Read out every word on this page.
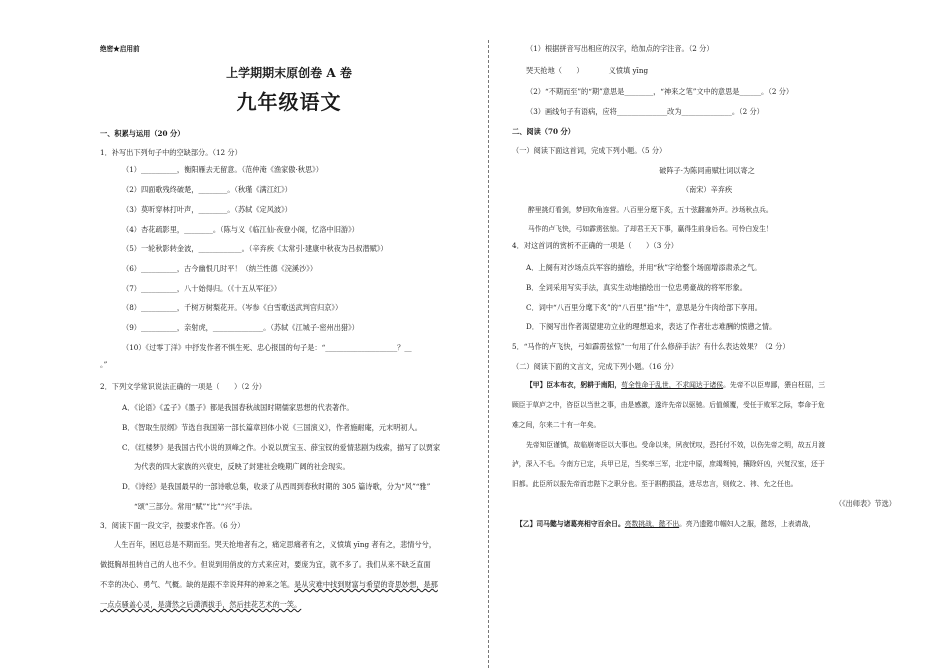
绝密★启用前
上学期期末原创卷 A 卷
九年级语文
一、积累与运用（20 分）
1．补写出下列句子中的空缺部分。（12 分）
（1）__________，衡阳雁去无留意。（范仲淹《渔家傲·秋思》）
（2）四面歌残终破楚，________。（秋瑾《满江红》）
（3）莫听穿林打叶声，________。（苏轼《定风波》）
（4）杏花疏影里，________。（陈与义《临江仙·夜登小阁，忆洛中旧游》）
（5）一轮秋影转金波，____________。（辛弃疾《太常引·建康中秋夜为吕叔潜赋》）
（6）__________，古今幽恨几时平！（纳兰性德《浣溪沙》）
（7）__________，八十始得归。（《十五从军征》）
（8）__________，千树万树梨花开。（岑参《白雪歌送武判官归京》）
（9）__________，亲射虎，______________。（苏轼《江城子·密州出猎》）
（10）《过零丁洋》中抒发作者不惧生死、忠心报国的句子是：“____________________？__
。”
2．下列文学常识说法正确的一项是（　　）（2 分）
A．《论语》《孟子》《墨子》都是我国春秋战国时期儒家思想的代表著作。
B．《智取生辰纲》节选自我国第一部长篇章回体小说《三国演义》，作者施耐庵，元末明初人。
C．《红楼梦》是我国古代小说的顶峰之作。小说以贾宝玉、薛宝钗的爱情悲剧为线索，描写了以贾家
为代表的四大家族的兴衰史，反映了封建社会晚期广阔的社会现实。
D．《诗经》是我国最早的一部诗歌总集，收录了从西周到春秋时期的 305 篇诗歌，分为“风”“雅”
“颂”三部分。常用“赋”“比”“兴”手法。
3．阅读下面一段文字，按要求作答。（6 分）
人生百年，困厄总是不期而至。哭天抢地者有之，痛定思痛者有之，义愤填 yīng 者有之，悲情兮兮，
做挺胸昂扭转自己的人也不少。但说到用俏皮的方式来应对，要庞为宜，就不多了。我们从来不缺乏直面
不幸的决心、勇气、气概。缺的是跟不幸说拜拜的神来之笔。是从灾难中找到财富与希望的奇思妙想，是那
一点点骚盖心灵，是潇然之后潇洒拔手，然后挂花艺术的一笑。
（1）根据拼音写出相应的汉字，给加点的字注音。（2 分）
哭天抢地（　　）　　　　义愤填 yīng
（2）“不期而至”的“期”意思是________，“神来之笔”文中的意思是______。（2 分）
（3）画线句子有语病，应将______________改为______________。（2 分）
二、阅读（70 分）
（一）阅读下面这首词，完成下列小题。（5 分）
破阵子·为陈同甫赋壮词以寄之
（南宋）辛弃疾
醉里挑灯看剑，梦回吹角连营。八百里分麾下炙，五十弦翻塞外声。沙场秋点兵。
马作的卢飞快，弓如霹雳弦惊。了却君王天下事，赢得生前身后名。可怜白发生！
4．对这首词的赏析不正确的一项是（　　）（3 分）
A．上阕有对沙场点兵军容的描绘，并用“秋”字给整个场面增添肃杀之气。
B．全词采用写实手法，真实生动地描绘出一位忠勇豪战的将军形象。
C．词中“八百里分麾下炙”的“八百里”指“牛”，意思是分牛肉给部下享用。
D．下阕写出作者渴望建功立业的理想追求，表达了作者壮志难酬的愤懑之情。
5．“马作的卢飞快，弓如霹雳弦惊”一句用了什么修辞手法？有什么表达效果？（2 分）
（二）阅读下面的文言文，完成下列小题。（16 分）
【甲】臣本布衣，躬耕于南阳，苟全性命于乱世，不求闻达于诸侯。先帝不以臣卑鄙，猥自枉屈，三
顾臣于草庐之中，咨臣以当世之事，由是感激，遂许先帝以驱驰。后值倾覆，受任于败军之际，奉命于危
难之间，尔来二十有一年矣。
先帝知臣谨慎，故临崩寄臣以大事也。受命以来，夙夜忧叹，恐托付不效，以伤先帝之明，故五月渡
泸，深入不毛。今南方已定，兵甲已足，当奖率三军，北定中原，庶竭驽钝，攘除奸凶，兴复汉室，还于
旧都。此臣所以报先帝而忠陛下之职分也。至于斟酌损益，进尽忠言，则攸之、祎、允之任也。
（《出师表》节选）
【乙】司马懿与诸葛亮相守百余日。亮数挑战，懿不出。亮乃遗懿巾帼妇人之服，懿怒，上表请战，
